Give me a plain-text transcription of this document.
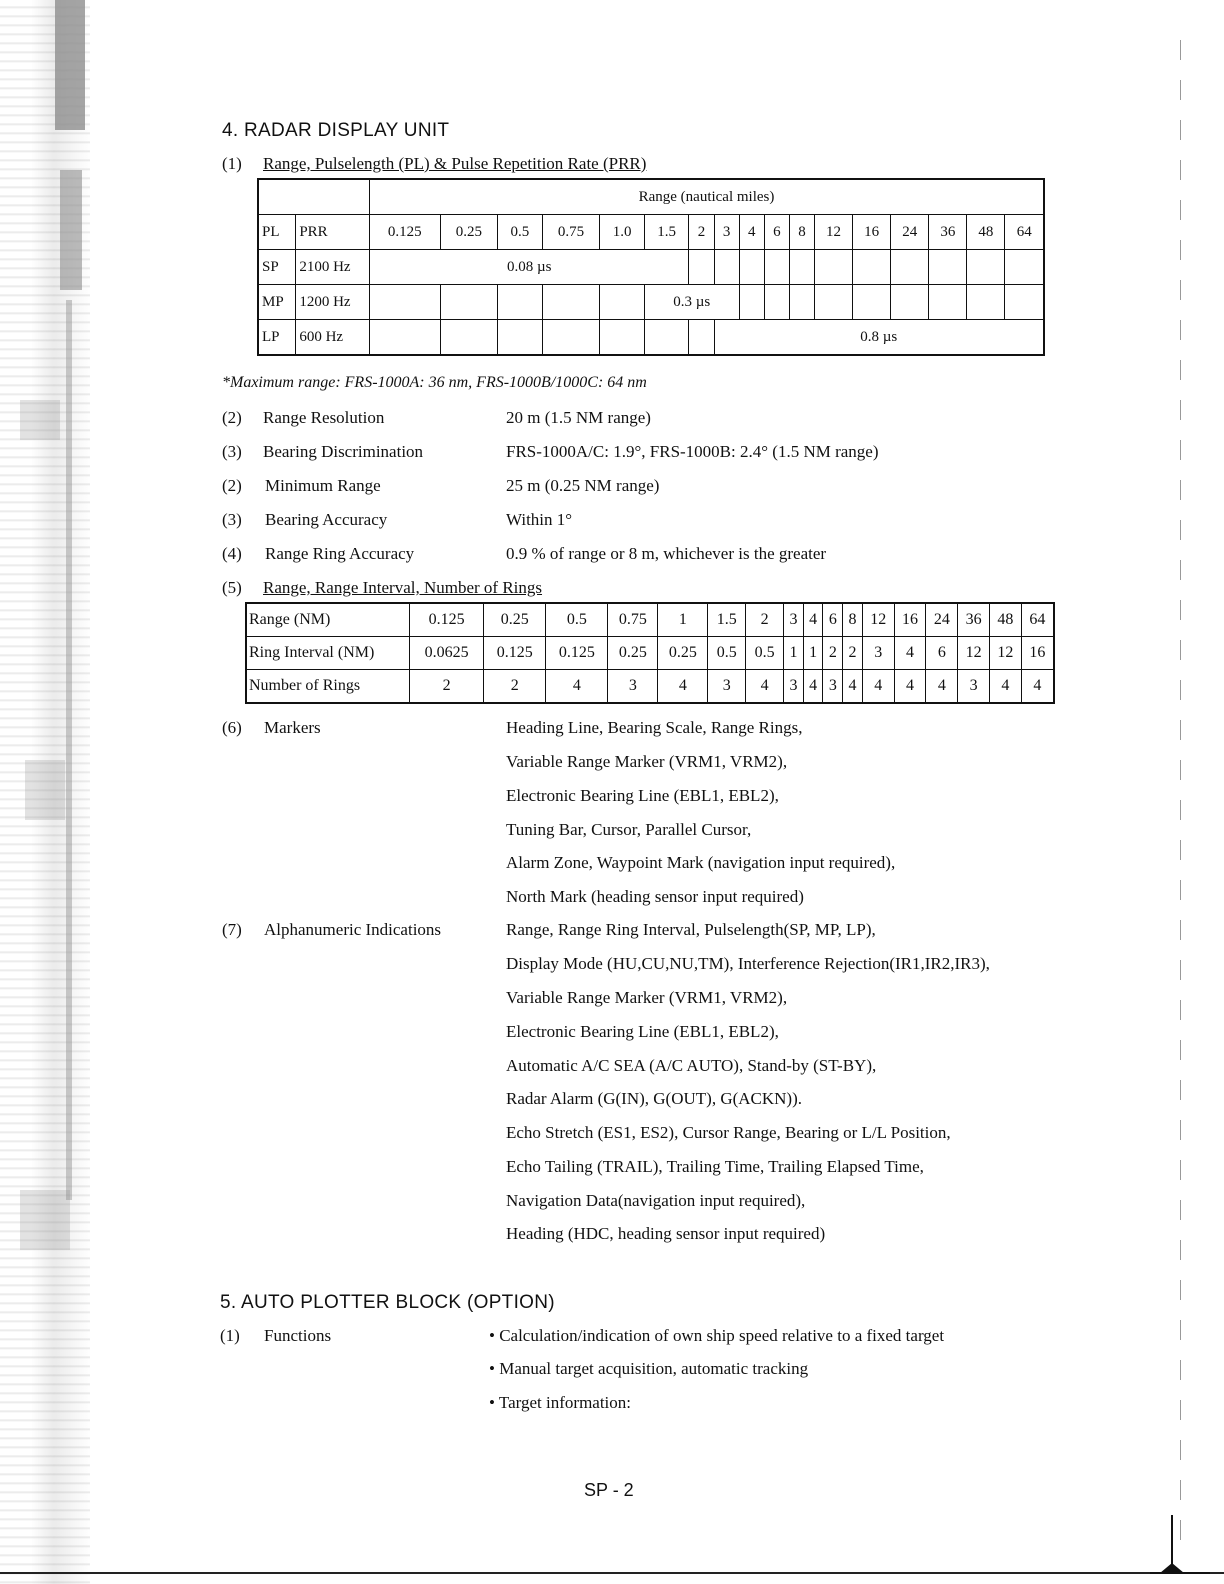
4. RADAR DISPLAY UNIT
(1) Range, Pulselength (PL) & Pulse Repetition Rate (PRR)
		Range (nautical miles)																
PL	PRR	0.125	0.25	0.5	0.75	1.0	1.5	2	3	4	6	8	12	16	24	36	48	64
SP	2100 Hz	0.08 µs																
MP	1200 Hz						0.3 µs											
LP	600 Hz								0.8 µs									
*Maximum range: FRS-1000A: 36 nm, FRS-1000B/1000C: 64 nm
(2) Range Resolution	20 m (1.5 NM range)
(3) Bearing Discrimination	FRS-1000A/C: 1.9°, FRS-1000B: 2.4° (1.5 NM range)
(2) Minimum Range	25 m (0.25 NM range)
(3) Bearing Accuracy	Within 1°
(4) Range Ring Accuracy	0.9 % of range or 8 m, whichever is the greater
(5) Range, Range Interval, Number of Rings
Range (NM)	0.125	0.25	0.5	0.75	1	1.5	2	3	4	6	8	12	16	24	36	48	64
Ring Interval (NM)	0.0625	0.125	0.125	0.25	0.25	0.5	0.5	1	1	2	2	3	4	6	12	12	16
Number of Rings	2	2	4	3	4	3	4	3	4	3	4	4	4	4	3	4	4
(6) Markers	Heading Line, Bearing Scale, Range Rings,
Variable Range Marker (VRM1, VRM2),
Electronic Bearing Line (EBL1, EBL2),
Tuning Bar, Cursor, Parallel Cursor,
Alarm Zone, Waypoint Mark (navigation input required),
North Mark (heading sensor input required)
(7) Alphanumeric Indications	Range, Range Ring Interval, Pulselength(SP, MP, LP),
Display Mode (HU,CU,NU,TM), Interference Rejection(IR1,IR2,IR3),
Variable Range Marker (VRM1, VRM2),
Electronic Bearing Line (EBL1, EBL2),
Automatic A/C SEA (A/C AUTO), Stand-by (ST-BY),
Radar Alarm (G(IN), G(OUT), G(ACKN)).
Echo Stretch (ES1, ES2), Cursor Range, Bearing or L/L Position,
Echo Tailing (TRAIL), Trailing Time, Trailing Elapsed Time,
Navigation Data(navigation input required),
Heading (HDC, heading sensor input required)
5. AUTO PLOTTER BLOCK (OPTION)
(1) Functions	• Calculation/indication of own ship speed relative to a fixed target
• Manual target acquisition, automatic tracking
• Target information:
SP - 2
